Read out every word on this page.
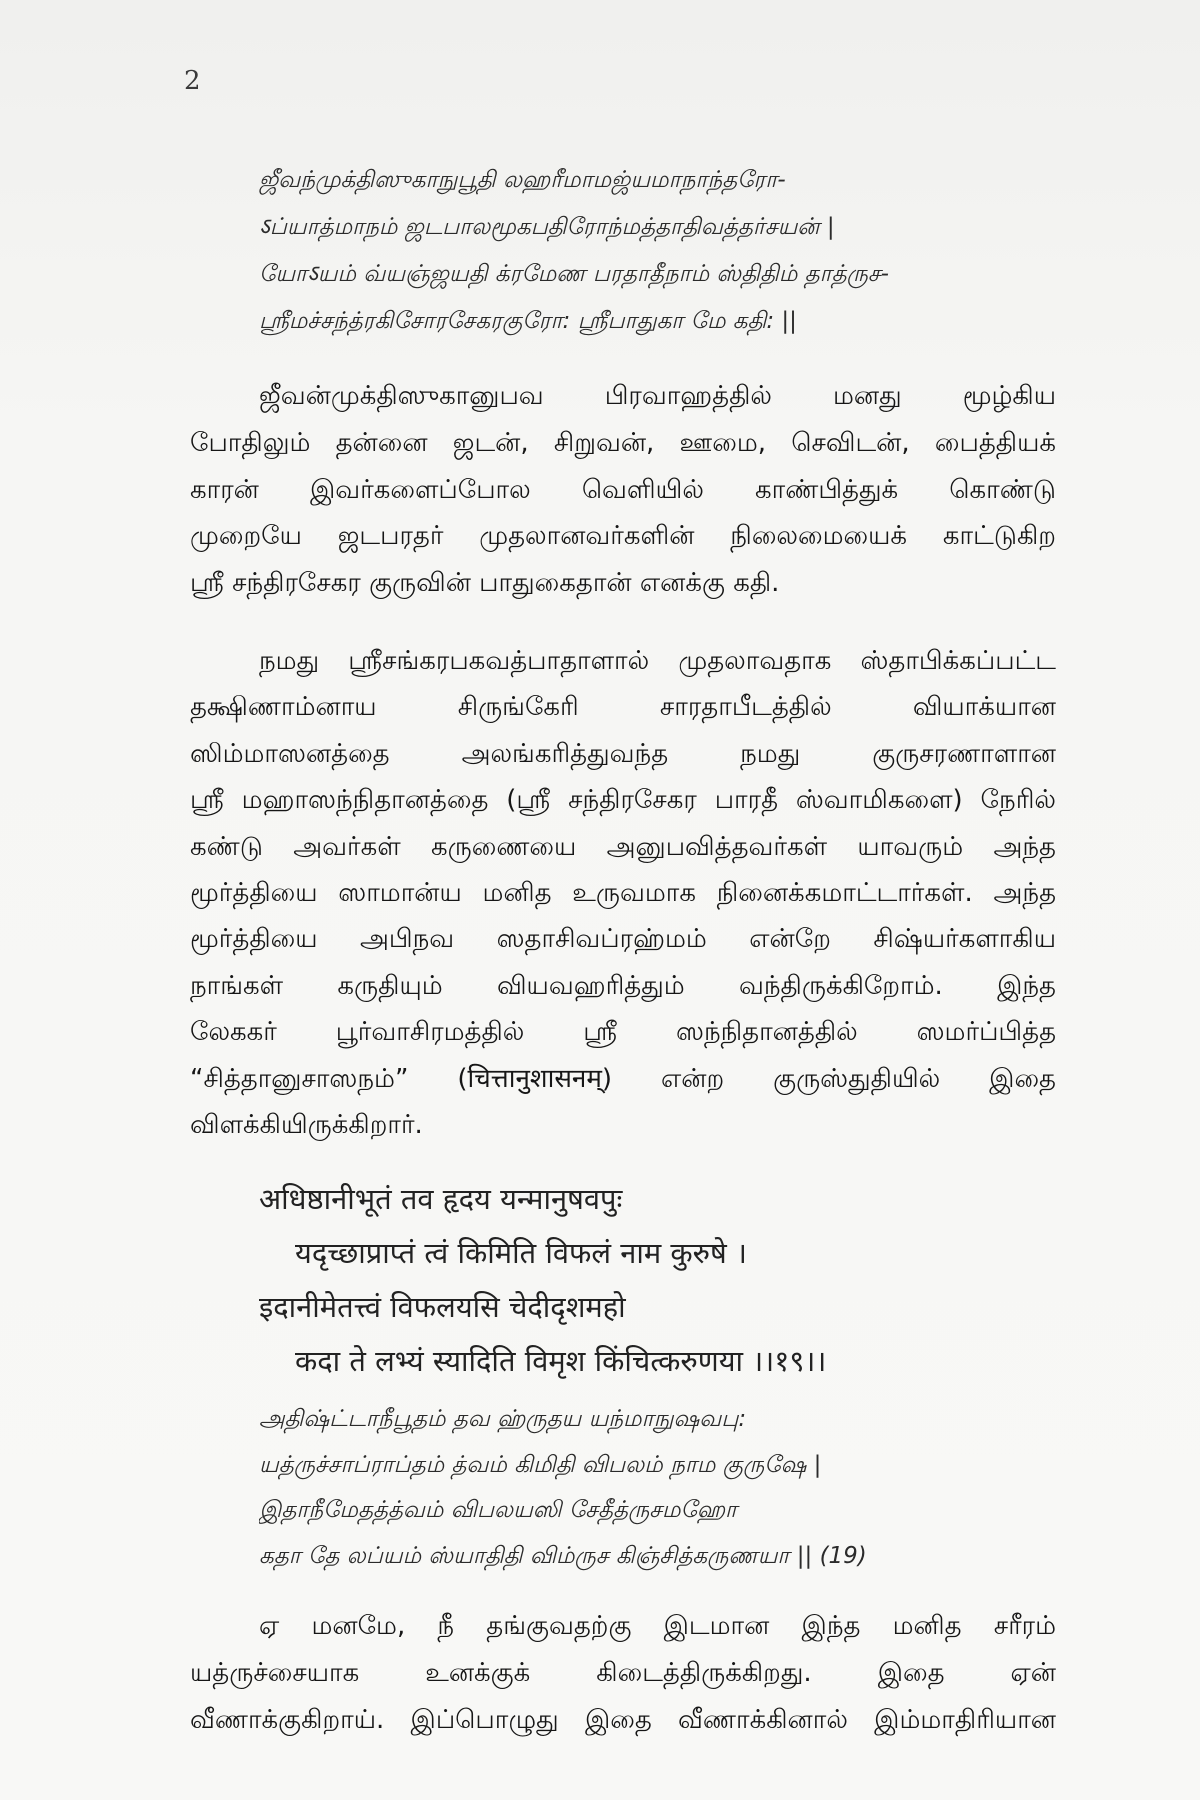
2
ஜீவந்முக்திஸுகாநுபூதி லஹரீமாமஜ்யமாநாந்தரோ-
ऽப்யாத்மாநம் ஜடபாலமூகபதிரோந்மத்தாதிவத்தர்சயன் |
யோऽயம் வ்யஞ்ஜயதி க்ரமேண பரதாதீநாம் ஸ்திதிம் தாத்ருச-
ஸ்ரீமச்சந்த்ரகிசோரசேகரகுரோ: ஸ்ரீபாதுகா மே கதி: ||
ஜீவன்முக்திஸுகானுபவ பிரவாஹத்தில் மனது மூழ்கிய
போதிலும் தன்னை ஜடன், சிறுவன், ஊமை, செவிடன், பைத்தியக்
காரன் இவர்களைப்போல வெளியில் காண்பித்துக் கொண்டு
முறையே ஜடபரதர் முதலானவர்களின் நிலைமையைக் காட்டுகிற
ஸ்ரீ சந்திரசேகர குருவின் பாதுகைதான் எனக்கு கதி.
நமது ஸ்ரீசங்கரபகவத்பாதாளால் முதலாவதாக ஸ்தாபிக்கப்பட்ட
தக்ஷிணாம்னாய சிருங்கேரி சாரதாபீடத்தில் வியாக்யான
ஸிம்மாஸனத்தை அலங்கரித்துவந்த நமது குருசரணாளான
ஸ்ரீ மஹாஸந்நிதானத்தை (ஸ்ரீ சந்திரசேகர பாரதீ ஸ்வாமிகளை) நேரில்
கண்டு அவர்கள் கருணையை அனுபவித்தவர்கள் யாவரும் அந்த
மூர்த்தியை ஸாமான்ய மனித உருவமாக நினைக்கமாட்டார்கள். அந்த
மூர்த்தியை அபிநவ ஸதாசிவப்ரஹ்மம் என்றே சிஷ்யர்களாகிய
நாங்கள் கருதியும் வியவஹரித்தும் வந்திருக்கிறோம். இந்த
லேககர் பூர்வாசிரமத்தில் ஸ்ரீ ஸந்நிதானத்தில் ஸமர்ப்பித்த
“சித்தானுசாஸநம்” (चित्तानुशासनम्) என்ற குருஸ்துதியில் இதை
விளக்கியிருக்கிறார்.
अधिष्ठानीभूतं तव हृदय यन्मानुषवपुः
यदृच्छाप्राप्तं त्वं किमिति विफलं नाम कुरुषे ।
इदानीमेतत्त्वं विफलयसि चेदीदृशमहो
कदा ते लभ्यं स्यादिति विमृश किंचित्करुणया ।।१९।।
அதிஷ்ட்டாநீபூதம் தவ ஹ்ருதய யந்மாநுஷவபு:
யத்ருச்சாப்ராப்தம் த்வம் கிமிதி விபலம் நாம குருஷே |
இதாநீமேதத்த்வம் விபலயஸி சேதீத்ருசமஹோ
கதா தே லப்யம் ஸ்யாதிதி விம்ருச கிஞ்சித்கருணயா || (19)
ஏ மனமே, நீ தங்குவதற்கு இடமான இந்த மனித சரீரம்
யத்ருச்சையாக உனக்குக் கிடைத்திருக்கிறது. இதை ஏன்
வீணாக்குகிறாய். இப்பொழுது இதை வீணாக்கினால் இம்மாதிரியான
